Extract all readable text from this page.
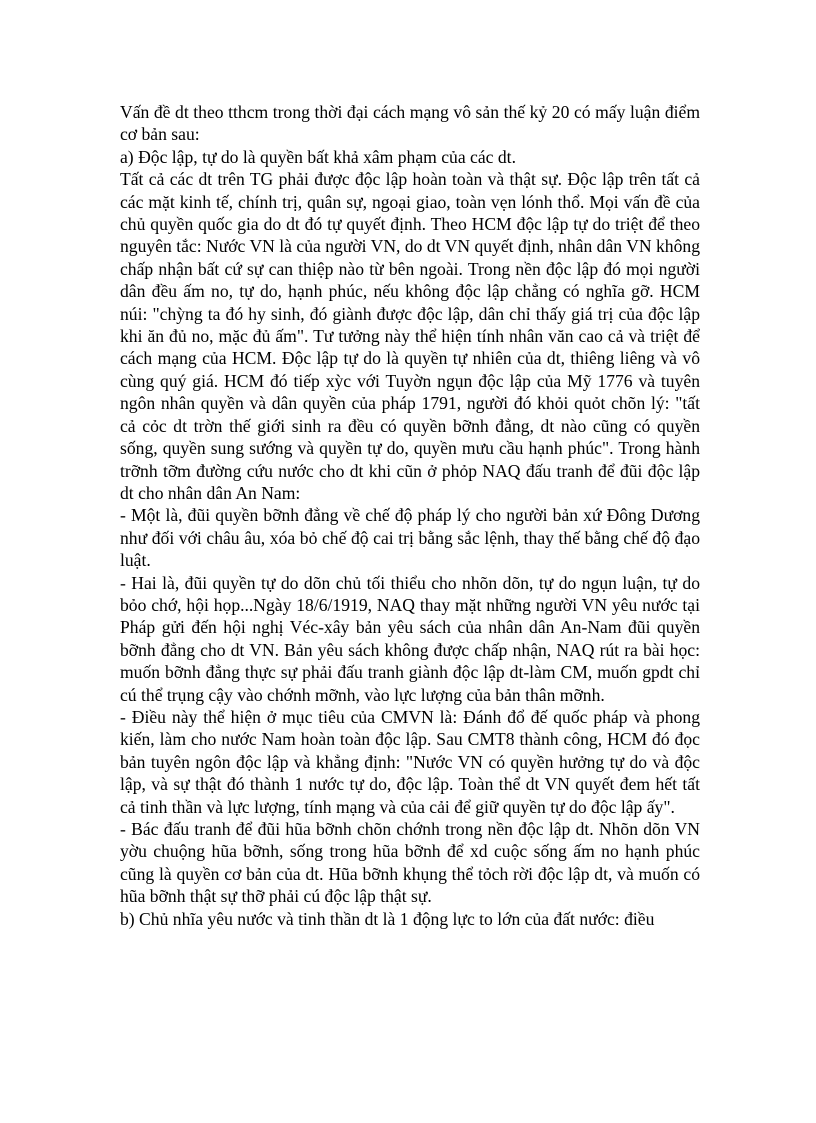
Vấn đề dt theo tthcm trong thời đại cách mạng vô sản thế kỷ 20 có mấy luận điểm cơ bản sau:

a) Độc lập, tự do là quyền bất khả xâm phạm của các dt.

Tất cả các dt trên TG phải được độc lập hoàn toàn và thật sự. Độc lập trên tất cả các mặt kinh tế, chính trị, quân sự, ngoại giao, toàn vẹn lónh thổ. Mọi vấn đề của chủ quyền quốc gia do dt đó tự quyết định. Theo HCM độc lập tự do triệt để theo nguyên tắc: Nước VN là của người VN, do dt VN quyết định, nhân dân VN không chấp nhận bất cứ sự can thiệp nào từ bên ngoài. Trong nền độc lập đó mọi người dân đều ấm no, tự do, hạnh phúc, nếu không độc lập chẳng có nghĩa gỡ. HCM núi: "chỳng ta đó hy sinh, đó giành được độc lập, dân chỉ thấy giá trị của độc lập khi ăn đủ no, mặc đủ ấm". Tư tưởng này thể hiện tính nhân văn cao cả và triệt để cách mạng của HCM. Độc lập tự do là quyền tự nhiên của dt, thiêng liêng và vô cùng quý giá. HCM đó tiếp xỳc với Tuyờn ngụn độc lập của Mỹ 1776 và tuyên ngôn nhân quyền và dân quyền của pháp 1791, người đó khỏi quỏt chõn lý: "tất cả cỏc dt trờn thế giới sinh ra đều có quyền bỡnh đẳng, dt nào cũng có quyền sống, quyền sung sướng và quyền tự do, quyền mưu cầu hạnh phúc". Trong hành trỡnh tỡm đường cứu nước cho dt khi cũn ở phỏp NAQ đấu tranh để đũi độc lập dt cho nhân dân An Nam:

- Một là, đũi quyền bỡnh đẳng về chế độ pháp lý cho người bản xứ Đông Dương như đối với châu âu, xóa bỏ chế độ cai trị bằng sắc lệnh, thay thế bằng chế độ đạo luật.

- Hai là, đũi quyền tự do dõn chủ tối thiểu cho nhõn dõn, tự do ngụn luận, tự do bỏo chớ, hội họp...Ngày 18/6/1919, NAQ thay mặt những người VN yêu nước tại Pháp gửi đến hội nghị Véc-xây bản yêu sách của nhân dân An-Nam đũi quyền bỡnh đẳng cho dt VN. Bản yêu sách không được chấp nhận, NAQ rút ra bài học: muốn bỡnh đẳng thực sự phải đấu tranh giành độc lập dt-làm CM, muốn gpdt chỉ cú thể trụng cậy vào chớnh mỡnh, vào lực lượng của bản thân mỡnh.

- Điều này thể hiện ở mục tiêu của CMVN là: Đánh đổ đế quốc pháp và phong kiến, làm cho nước Nam hoàn toàn độc lập. Sau CMT8 thành công, HCM đó đọc bản tuyên ngôn độc lập và khẳng định: "Nước VN có quyền hưởng tự do và độc lập, và sự thật đó thành 1 nước tự do, độc lập. Toàn thể dt VN quyết đem hết tất cả tinh thần và lực lượng, tính mạng và của cải để giữ quyền tự do độc lập ấy".

- Bác đấu tranh để đũi hũa bỡnh chõn chớnh trong nền độc lập dt. Nhõn dõn VN yờu chuộng hũa bỡnh, sống trong hũa bỡnh để xd cuộc sống ấm no hạnh phúc cũng là quyền cơ bản của dt. Hũa bỡnh khụng thể tỏch rời độc lập dt, và muốn có hũa bỡnh thật sự thỡ phải cú độc lập thật sự.

b) Chủ nhĩa yêu nước và tinh thần dt là 1 động lực to lớn của đất nước: điều
